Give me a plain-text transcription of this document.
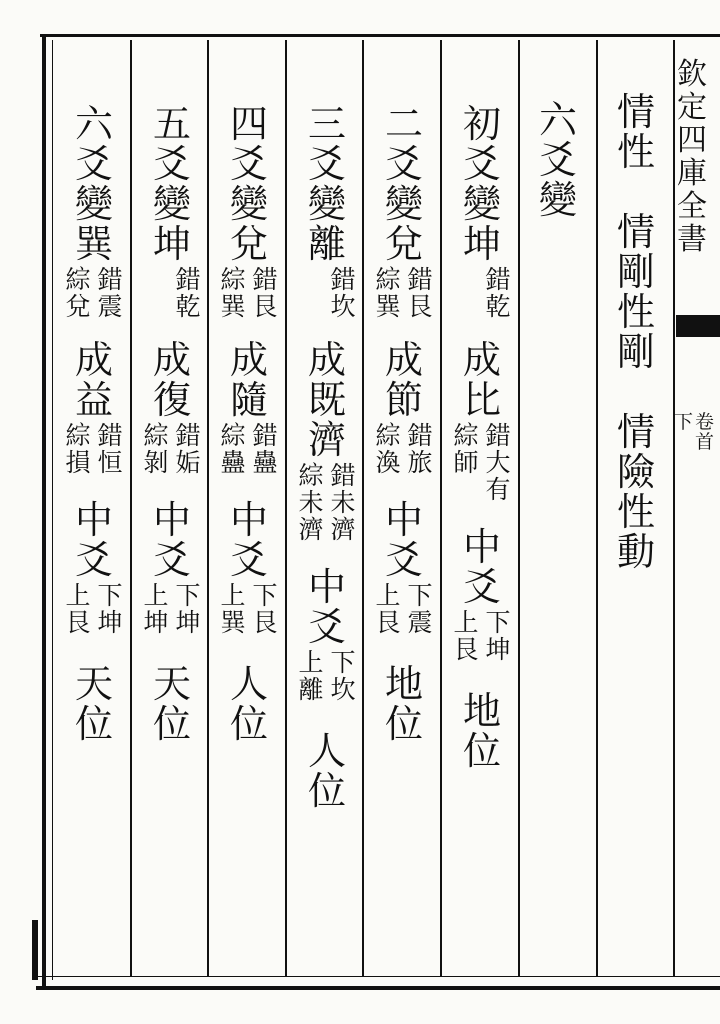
欽定四庫全書
卷首
下
情性
情剛性剛
情險性動
六爻變
初爻變坤
錯乾
成比
錯大有
綜師
中爻
下坤
上艮
地位
二爻變兌
錯艮
綜巽
成節
錯旅
綜渙
中爻
下震
上艮
地位
三爻變離
錯坎
成既濟
錯未濟
綜未濟
中爻
下坎
上離
人位
四爻變兌
錯艮
綜巽
成隨
錯蠱
綜蠱
中爻
下艮
上巽
人位
五爻變坤
錯乾
成復
錯姤
綜剝
中爻
下坤
上坤
天位
六爻變巽
錯震
綜兌
成益
錯恒
綜損
中爻
下坤
上艮
天位
